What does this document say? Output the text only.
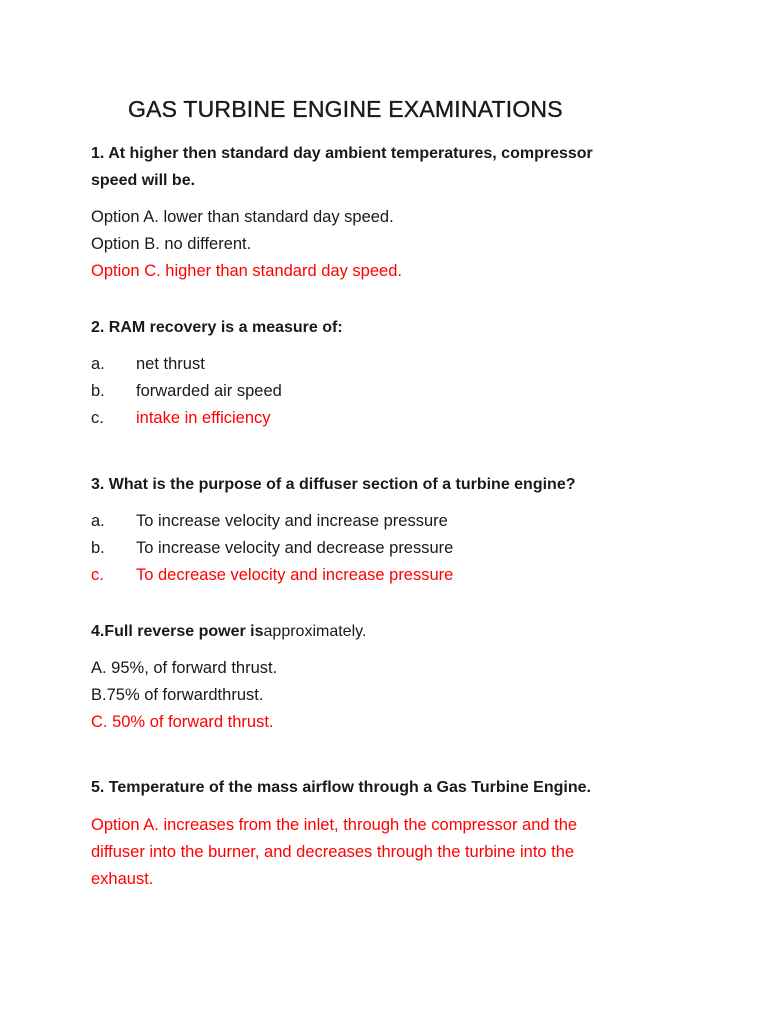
GAS TURBINE ENGINE EXAMINATIONS
1. At higher then standard day ambient temperatures, compressor
speed will be.
Option A. lower than standard day speed.
Option B. no different.
Option C. higher than standard day speed.
2. RAM recovery is a measure of:
a. net thrust
b. forwarded air speed
c. intake in efficiency
3. What is the purpose of a diffuser section of a turbine engine?
a. To increase velocity and increase pressure
b. To increase velocity and decrease pressure
c. To decrease velocity and increase pressure
4.Full reverse power isapproximately.
A. 95%, of forward thrust.
B.75% of forwardthrust.
C. 50% of forward thrust.
5. Temperature of the mass airflow through a Gas Turbine Engine.
Option A. increases from the inlet, through the compressor and the
diffuser into the burner, and decreases through the turbine into the
exhaust.
